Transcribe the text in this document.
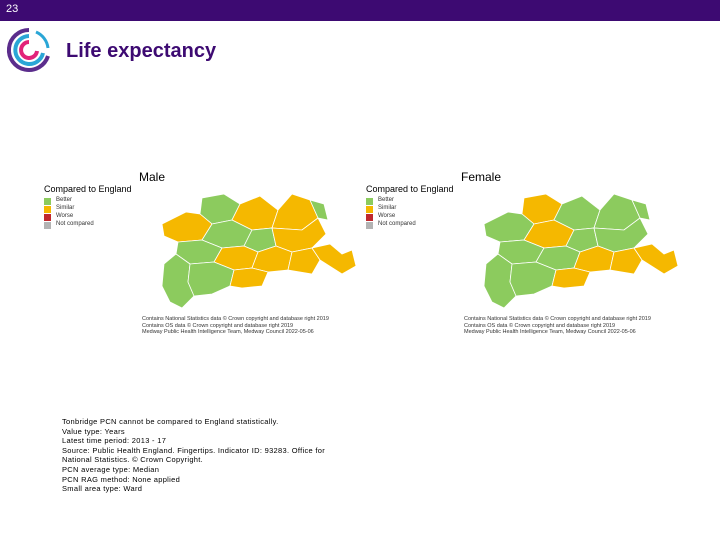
23
Life expectancy
Male
Compared to England
Better
Similar
Worse
Not compared
Contains National Statistics data © Crown copyright and database right 2019
Contains OS data © Crown copyright and database right 2019
Medway Public Health Intelligence Team, Medway Council 2022-05-06
Female
Compared to England
Better
Similar
Worse
Not compared
Contains National Statistics data © Crown copyright and database right 2019
Contains OS data © Crown copyright and database right 2019
Medway Public Health Intelligence Team, Medway Council 2022-05-06
Tonbridge PCN cannot be compared to England statistically.
Value type: Years
Latest time period: 2013 - 17
Source: Public Health England. Fingertips. Indicator ID: 93283. Office for
National Statistics. © Crown Copyright.
PCN average type: Median
PCN RAG method: None applied
Small area type: Ward
